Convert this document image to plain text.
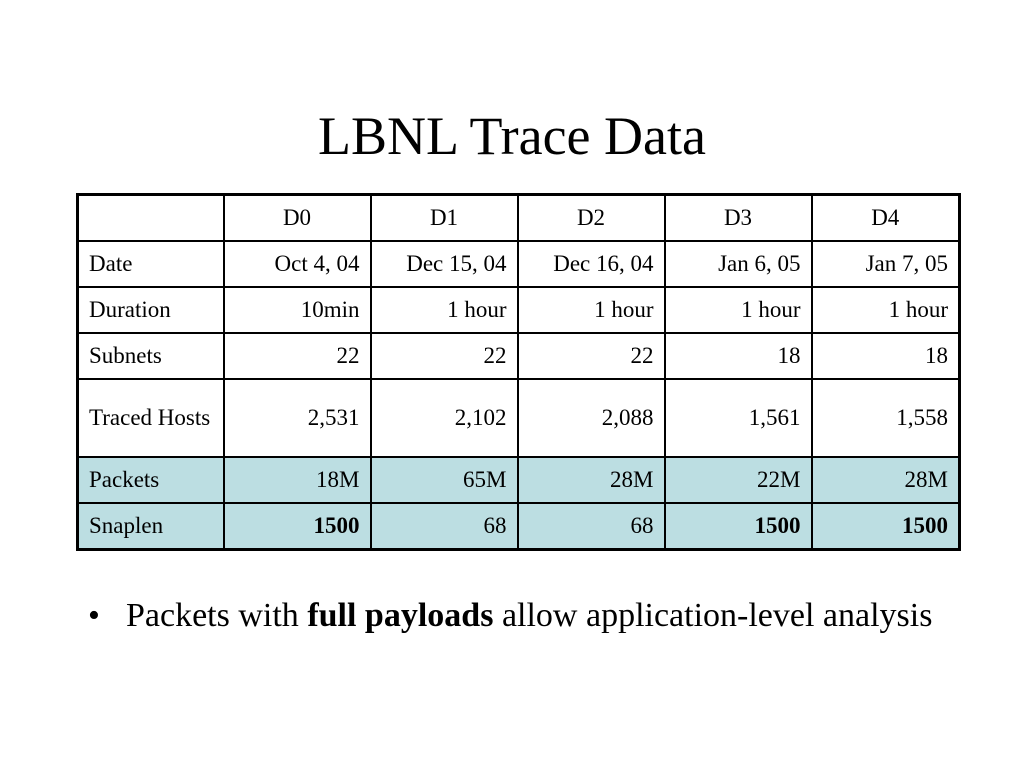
LBNL Trace Data
	D0	D1	D2	D3	D4
Date	Oct 4, 04	Dec 15, 04	Dec 16, 04	Jan 6, 05	Jan 7, 05
Duration	10min	1 hour	1 hour	1 hour	1 hour
Subnets	22	22	22	18	18
Traced Hosts	2,531	2,102	2,088	1,561	1,558
Packets	18M	65M	28M	22M	28M
Snaplen	1500	68	68	1500	1500
• Packets with full payloads allow application-level analysis
